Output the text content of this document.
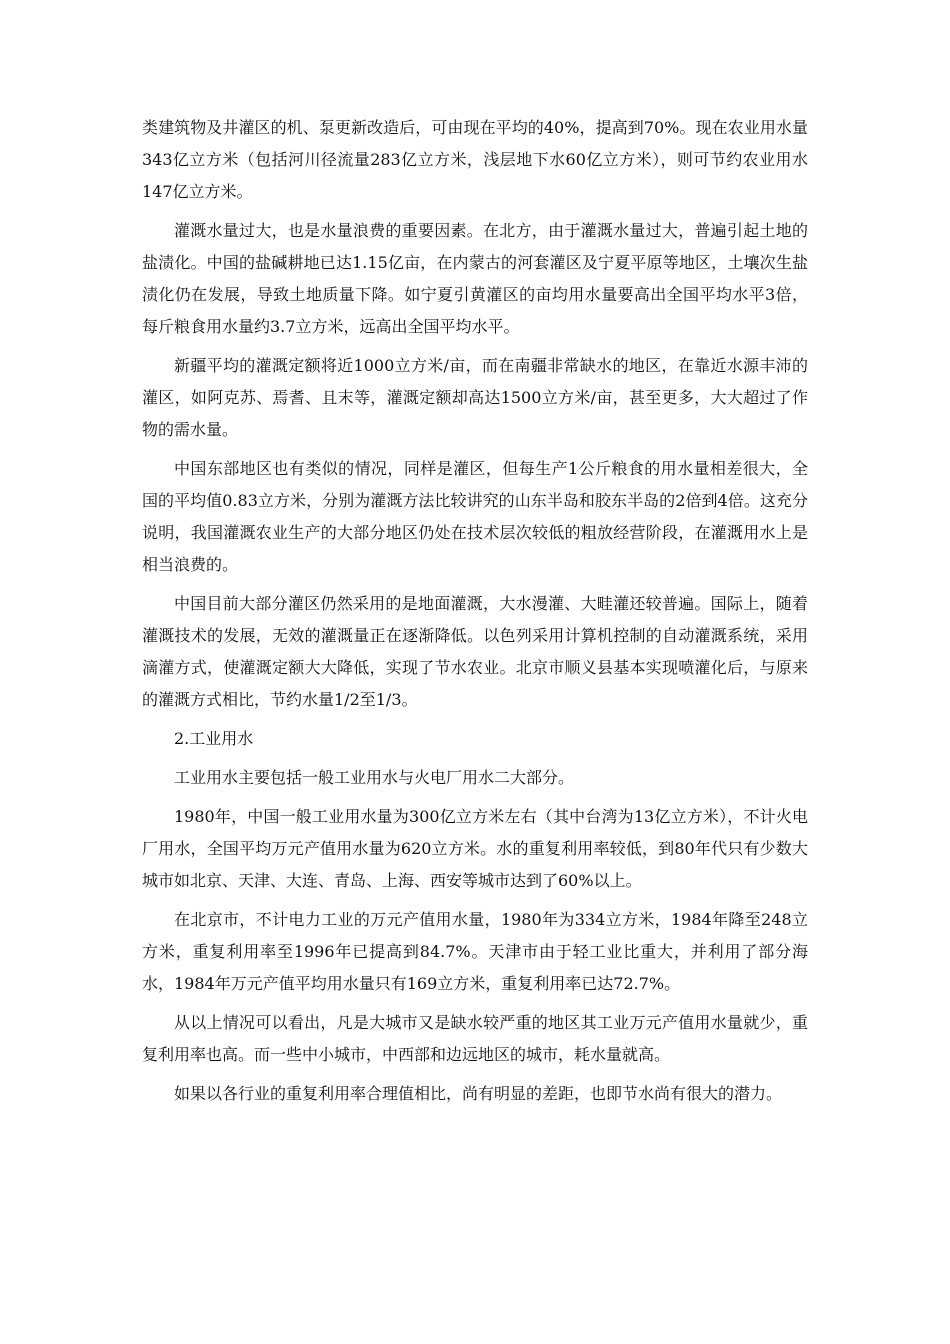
类建筑物及井灌区的机、泵更新改造后，可由现在平均的40%，提高到70%。现在农业用水量343亿立方米（包括河川径流量283亿立方米，浅层地下水60亿立方米），则可节约农业用水147亿立方米。

灌溉水量过大，也是水量浪费的重要因素。在北方，由于灌溉水量过大，普遍引起土地的盐渍化。中国的盐碱耕地已达1.15亿亩，在内蒙古的河套灌区及宁夏平原等地区，土壤次生盐渍化仍在发展，导致土地质量下降。如宁夏引黄灌区的亩均用水量要高出全国平均水平3倍，每斤粮食用水量约3.7立方米，远高出全国平均水平。

新疆平均的灌溉定额将近1000立方米/亩，而在南疆非常缺水的地区，在靠近水源丰沛的灌区，如阿克苏、焉耆、且末等，灌溉定额却高达1500立方米/亩，甚至更多，大大超过了作物的需水量。

中国东部地区也有类似的情况，同样是灌区，但每生产1公斤粮食的用水量相差很大，全国的平均值0.83立方米，分别为灌溉方法比较讲究的山东半岛和胶东半岛的2倍到4倍。这充分说明，我国灌溉农业生产的大部分地区仍处在技术层次较低的粗放经营阶段，在灌溉用水上是相当浪费的。

中国目前大部分灌区仍然采用的是地面灌溉，大水漫灌、大畦灌还较普遍。国际上，随着灌溉技术的发展，无效的灌溉量正在逐渐降低。以色列采用计算机控制的自动灌溉系统，采用滴灌方式，使灌溉定额大大降低，实现了节水农业。北京市顺义县基本实现喷灌化后，与原来的灌溉方式相比，节约水量1/2至1/3。

2.工业用水

工业用水主要包括一般工业用水与火电厂用水二大部分。

1980年，中国一般工业用水量为300亿立方米左右（其中台湾为13亿立方米），不计火电厂用水，全国平均万元产值用水量为620立方米。水的重复利用率较低，到80年代只有少数大城市如北京、天津、大连、青岛、上海、西安等城市达到了60%以上。

在北京市，不计电力工业的万元产值用水量，1980年为334立方米，1984年降至248立方米，重复利用率至1996年已提高到84.7%。天津市由于轻工业比重大，并利用了部分海水，1984年万元产值平均用水量只有169立方米，重复利用率已达72.7%。

从以上情况可以看出，凡是大城市又是缺水较严重的地区其工业万元产值用水量就少，重复利用率也高。而一些中小城市，中西部和边远地区的城市，耗水量就高。

如果以各行业的重复利用率合理值相比，尚有明显的差距，也即节水尚有很大的潜力。
